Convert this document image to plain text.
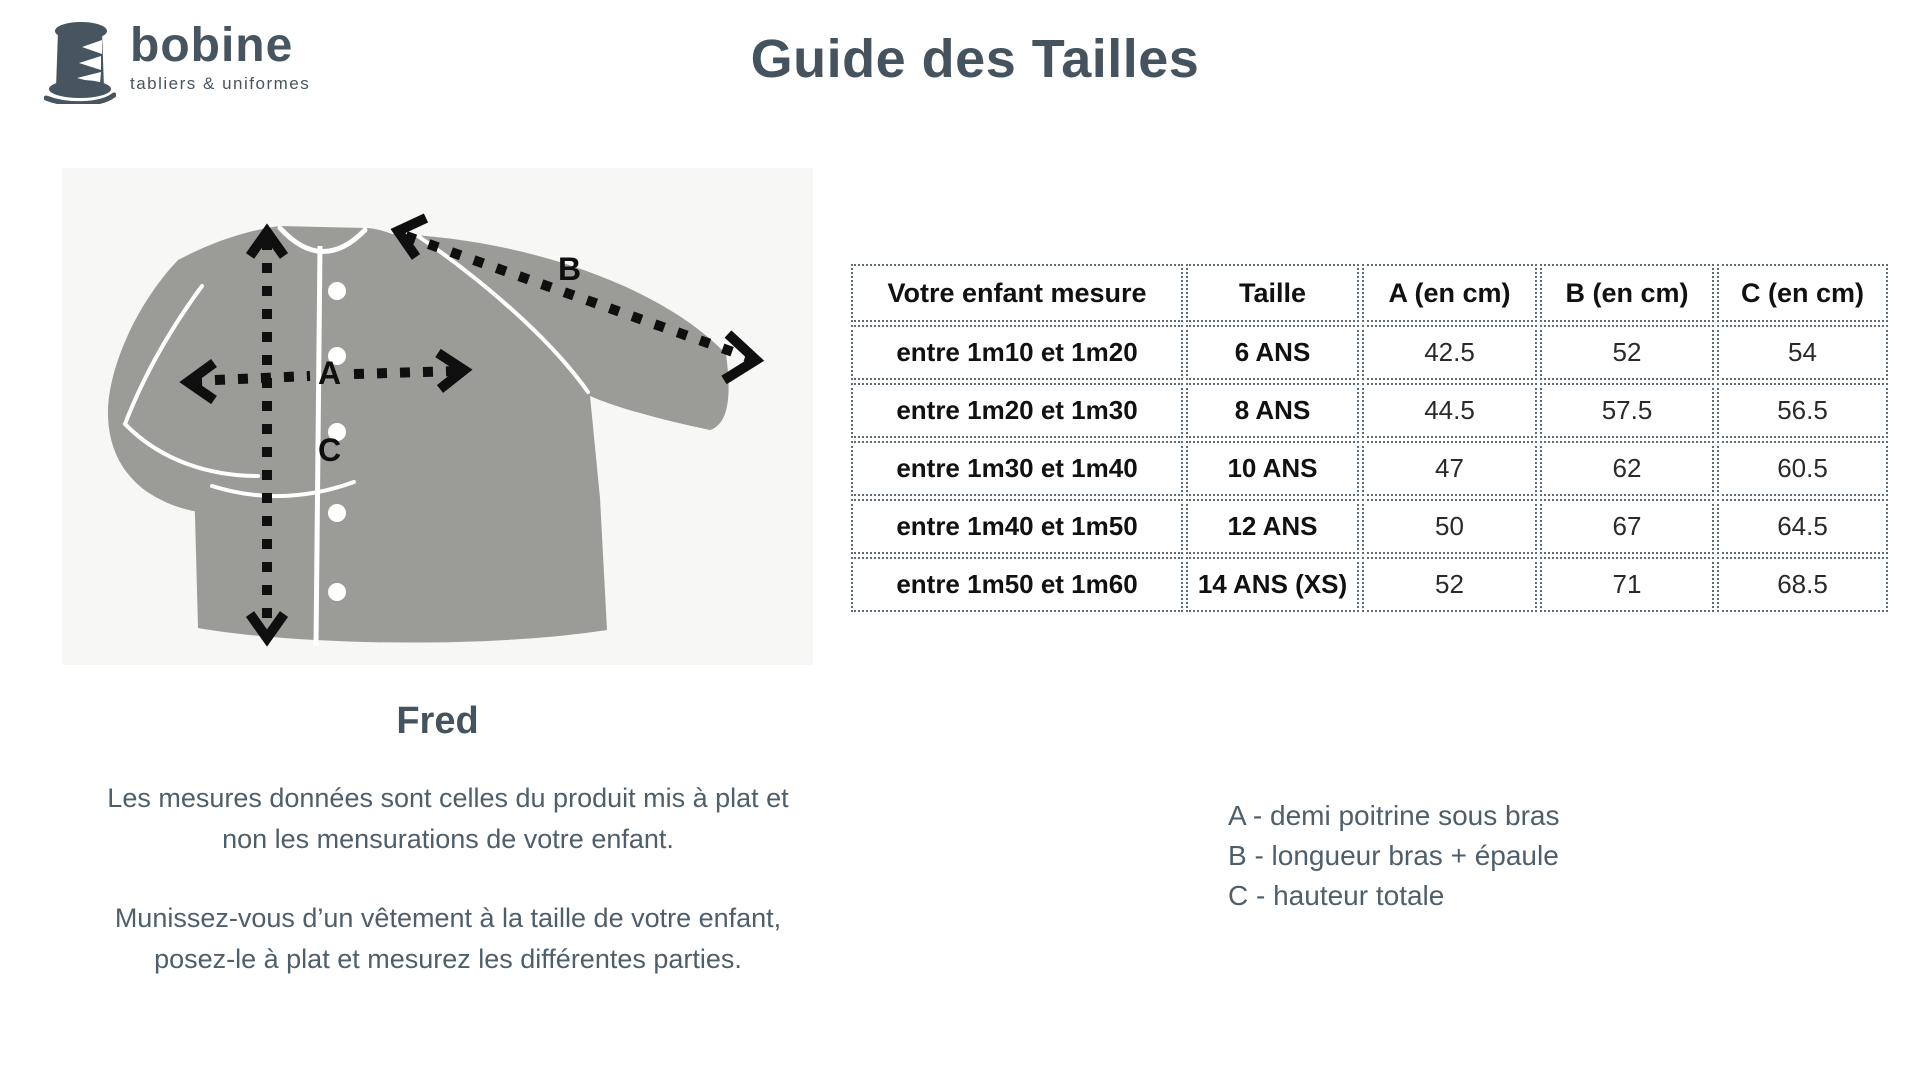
bobine
tabliers & uniformes	Guide des Tailles
C
A
B
Fred
Les mesures données sont celles du produit mis à plat et
non les mensurations de votre enfant.
Munissez-vous d’un vêtement à la taille de votre enfant,
posez-le à plat et mesurez les différentes parties.
A - demi poitrine sous bras
B - longueur bras + épaule
C - hauteur totale
Votre enfant mesure	Taille	A (en cm)	B (en cm)	C (en cm)
entre 1m10 et 1m20	6 ANS	42.5	52	54
entre 1m20 et 1m30	8 ANS	44.5	57.5	56.5
entre 1m30 et 1m40	10 ANS	47	62	60.5
entre 1m40 et 1m50	12 ANS	50	67	64.5
entre 1m50 et 1m60	14 ANS (XS)	52	71	68.5
